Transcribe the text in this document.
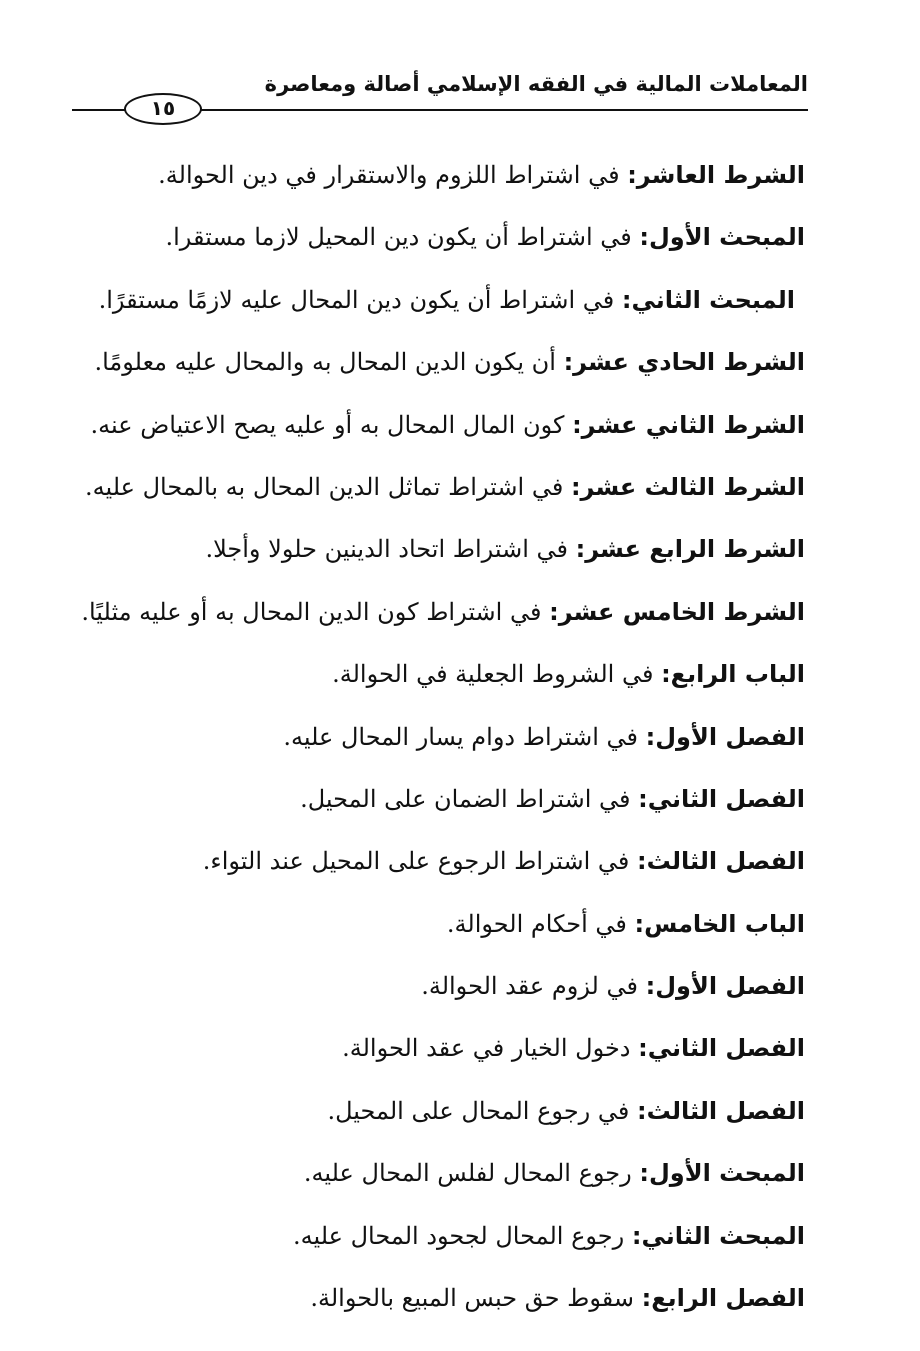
المعاملات المالية في الفقه الإسلامي أصالة ومعاصرة
١٥
الشرط العاشر: في اشتراط اللزوم والاستقرار في دين الحوالة.
المبحث الأول: في اشتراط أن يكون دين المحيل لازما مستقرا.
المبحث الثاني: في اشتراط أن يكون دين المحال عليه لازمًا مستقرًا.
الشرط الحادي عشر: أن يكون الدين المحال به والمحال عليه معلومًا.
الشرط الثاني عشر: كون المال المحال به أو عليه يصح الاعتياض عنه.
الشرط الثالث عشر: في اشتراط تماثل الدين المحال به بالمحال عليه.
الشرط الرابع عشر: في اشتراط اتحاد الدينين حلولا وأجلا.
الشرط الخامس عشر: في اشتراط كون الدين المحال به أو عليه مثليًا.
الباب الرابع: في الشروط الجعلية في الحوالة.
الفصل الأول: في اشتراط دوام يسار المحال عليه.
الفصل الثاني: في اشتراط الضمان على المحيل.
الفصل الثالث: في اشتراط الرجوع على المحيل عند التواء.
الباب الخامس: في أحكام الحوالة.
الفصل الأول: في لزوم عقد الحوالة.
الفصل الثاني: دخول الخيار في عقد الحوالة.
الفصل الثالث: في رجوع المحال على المحيل.
المبحث الأول: رجوع المحال لفلس المحال عليه.
المبحث الثاني: رجوع المحال لجحود المحال عليه.
الفصل الرابع: سقوط حق حبس المبيع بالحوالة.
